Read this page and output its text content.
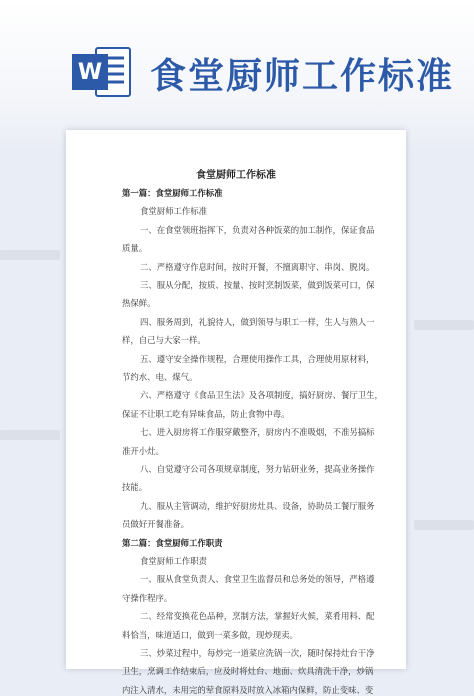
W 食堂厨师工作标准
食堂厨师工作标准
第一篇：食堂厨师工作标准
食堂厨师工作标准
一、在食堂领班指挥下，负责对各种饭菜的加工制作，保证食品
质量。
二、严格遵守作息时间，按时开餐，不擅离职守、串岗、脱岗。
三、服从分配，按质、按量、按时烹制饭菜，做到饭菜可口，保
热保鲜。
四、服务周到，礼貌待人，做到领导与职工一样，生人与熟人一
样，自己与大家一样。
五、遵守安全操作规程，合理使用操作工具，合理使用原材料，
节约水、电、煤气。
六、严格遵守《食品卫生法》及各项制度，搞好厨房、餐厅卫生，
保证不让职工吃有异味食品，防止食物中毒。
七、进入厨房将工作服穿戴整齐，厨房内不准吸烟，不准另搞标
准开小灶。
八、自觉遵守公司各项规章制度，努力钻研业务，提高业务操作
技能。
九、服从主管调动，维护好厨房灶具、设备，协助员工餐厅服务
员做好开餐准备。
第二篇：食堂厨师工作职责
食堂厨师工作职责
一、服从食堂负责人、食堂卫生监督员和总务处的领导，严格遵
守操作程序。
二、经常变换花色品种，烹制方法，掌握好火候，菜肴用料、配
料恰当，味道适口，做到一菜多做，现炒现卖。
三、炒菜过程中，每炒完一道菜应洗锅一次，随时保持灶台干净
卫生，烹调工作结束后，应及时将灶台、地面、炊具清洗干净，炒锅
内注入清水，未用完的荤食原料及时放入冰箱内保鲜，防止变味、变
